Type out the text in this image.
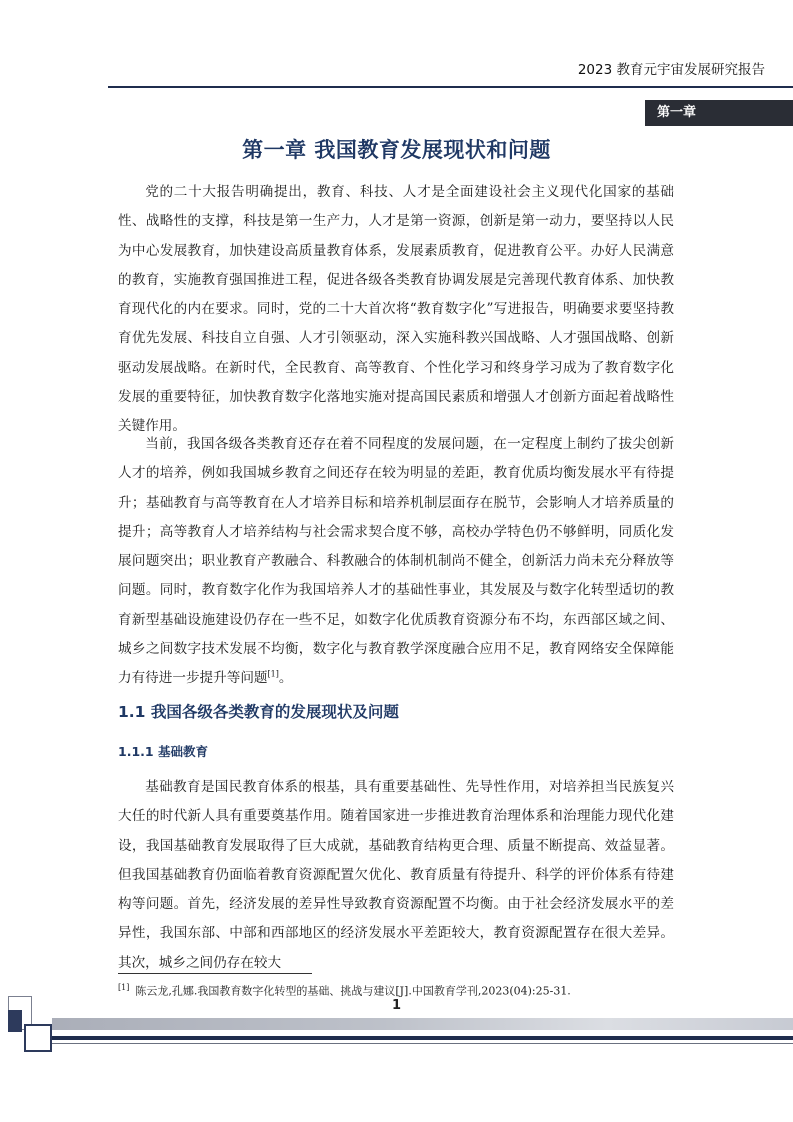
2023 教育元宇宙发展研究报告
第一章
第一章 我国教育发展现状和问题

党的二十大报告明确提出，教育、科技、人才是全面建设社会主义现代化国家的基础性、战略性的支撑，科技是第一生产力，人才是第一资源，创新是第一动力，要坚持以人民为中心发展教育，加快建设高质量教育体系，发展素质教育，促进教育公平。办好人民满意的教育，实施教育强国推进工程，促进各级各类教育协调发展是完善现代教育体系、加快教育现代化的内在要求。同时，党的二十大首次将“教育数字化”写进报告，明确要求要坚持教育优先发展、科技自立自强、人才引领驱动，深入实施科教兴国战略、人才强国战略、创新驱动发展战略。在新时代，全民教育、高等教育、个性化学习和终身学习成为了教育数字化发展的重要特征，加快教育数字化落地实施对提高国民素质和增强人才创新方面起着战略性关键作用。

当前，我国各级各类教育还存在着不同程度的发展问题，在一定程度上制约了拔尖创新人才的培养，例如我国城乡教育之间还存在较为明显的差距，教育优质均衡发展水平有待提升；基础教育与高等教育在人才培养目标和培养机制层面存在脱节，会影响人才培养质量的提升；高等教育人才培养结构与社会需求契合度不够，高校办学特色仍不够鲜明，同质化发展问题突出；职业教育产教融合、科教融合的体制机制尚不健全，创新活力尚未充分释放等问题。同时，教育数字化作为我国培养人才的基础性事业，其发展及与数字化转型适切的教育新型基础设施建设仍存在一些不足，如数字化优质教育资源分布不均，东西部区域之间、城乡之间数字技术发展不均衡，数字化与教育教学深度融合应用不足，教育网络安全保障能力有待进一步提升等问题[1]。

1.1 我国各级各类教育的发展现状及问题
1.1.1 基础教育

基础教育是国民教育体系的根基，具有重要基础性、先导性作用，对培养担当民族复兴大任的时代新人具有重要奠基作用。随着国家进一步推进教育治理体系和治理能力现代化建设，我国基础教育发展取得了巨大成就，基础教育结构更合理、质量不断提高、效益显著。但我国基础教育仍面临着教育资源配置欠优化、教育质量有待提升、科学的评价体系有待建构等问题。首先，经济发展的差异性导致教育资源配置不均衡。由于社会经济发展水平的差异性，我国东部、中部和西部地区的经济发展水平差距较大，教育资源配置存在很大差异。其次，城乡之间仍存在较大

[1] 陈云龙,孔娜.我国教育数字化转型的基础、挑战与建议[J].中国教育学刊,2023(04):25-31.
1
